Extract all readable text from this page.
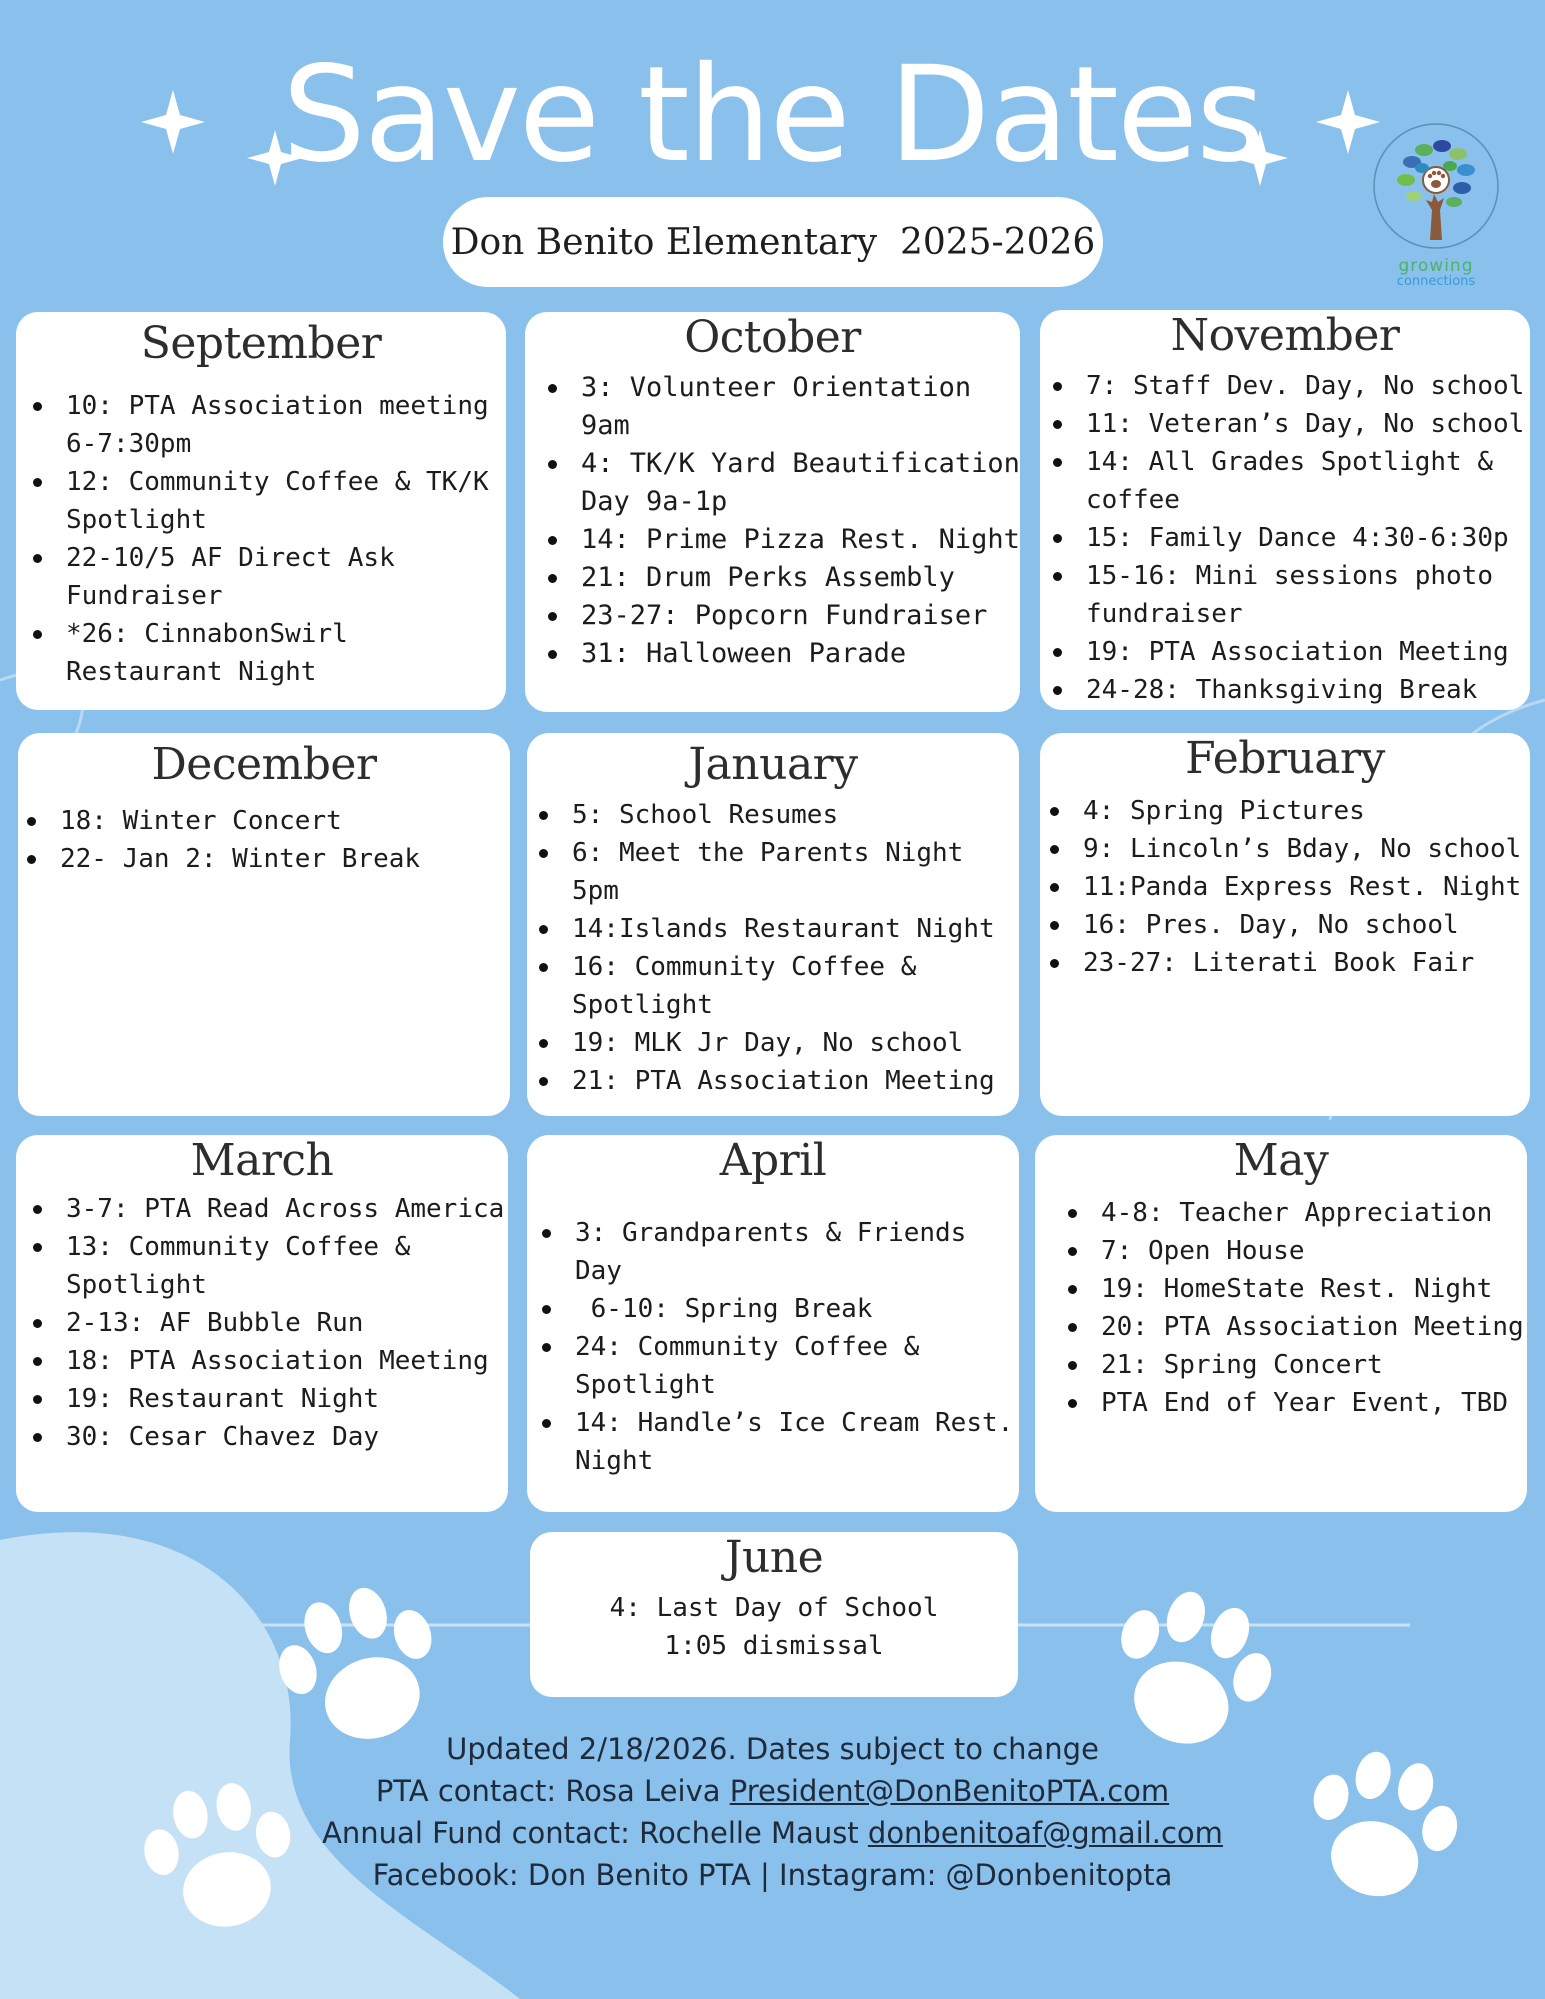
Save the Dates
Don Benito Elementary  2025-2026
growing
connections
September
10: PTA Association meeting 6-7:30pm
12: Community Coffee & TK/K Spotlight
22-10/5 AF Direct Ask Fundraiser
*26: CinnabonSwirl Restaurant Night
October
3: Volunteer Orientation 9am
4: TK/K Yard Beautification Day 9a-1p
14: Prime Pizza Rest. Night
21: Drum Perks Assembly
23-27: Popcorn Fundraiser
31: Halloween Parade
November
7: Staff Dev. Day, No school
11: Veteran’s Day, No school
14: All Grades Spotlight & coffee
15: Family Dance 4:30-6:30p
15-16: Mini sessions photo fundraiser
19: PTA Association Meeting
24-28: Thanksgiving Break
December
18: Winter Concert
22- Jan 2: Winter Break
January
5: School Resumes
6: Meet the Parents Night 5pm
14:Islands Restaurant Night
16: Community Coffee & Spotlight
19: MLK Jr Day, No school
21: PTA Association Meeting
February
4: Spring Pictures
9: Lincoln’s Bday, No school
11:Panda Express Rest. Night
16: Pres. Day, No school
23-27: Literati Book Fair
March
3-7: PTA Read Across America
13: Community Coffee & Spotlight
2-13: AF Bubble Run
18: PTA Association Meeting
19: Restaurant Night
30: Cesar Chavez Day
April
3: Grandparents & Friends Day
6-10: Spring Break
24: Community Coffee & Spotlight
14: Handle’s Ice Cream Rest. Night
May
4-8: Teacher Appreciation
7: Open House
19: HomeState Rest. Night
20: PTA Association Meeting
21: Spring Concert
PTA End of Year Event, TBD
June
4: Last Day of School
1:05 dismissal
Updated 2/18/2026. Dates subject to change
PTA contact: Rosa Leiva President@DonBenitoPTA.com
Annual Fund contact: Rochelle Maust donbenitoaf@gmail.com
Facebook: Don Benito PTA | Instagram: @Donbenitopta
